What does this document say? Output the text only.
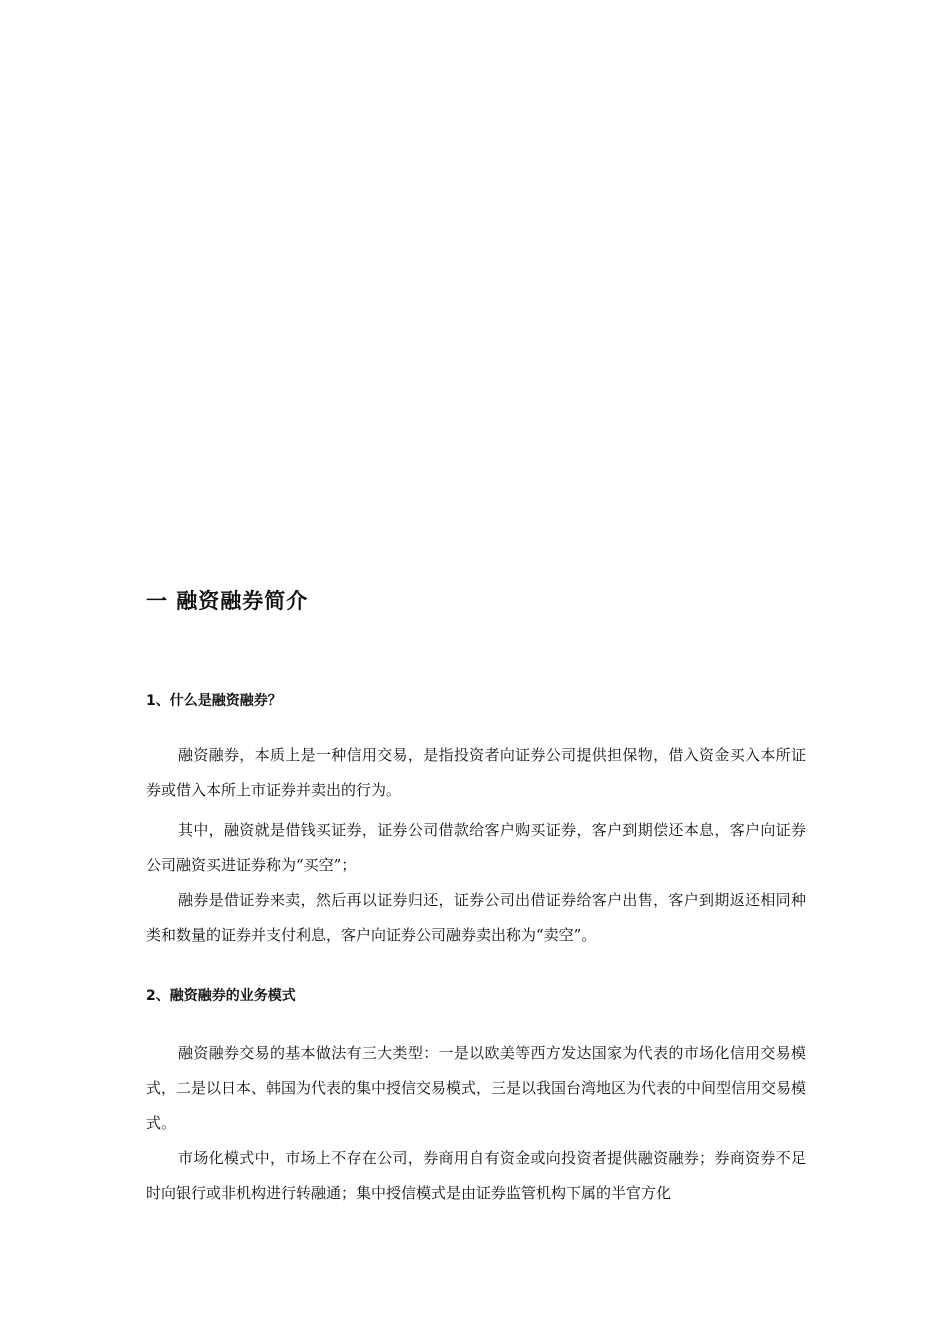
一 融资融券简介
1、什么是融资融券？

融资融券，本质上是一种信用交易，是指投资者向证券公司提供担保物，借入资金买入本所证券或借入本所上市证券并卖出的行为。

其中，融资就是借钱买证券，证券公司借款给客户购买证券，客户到期偿还本息，客户向证券公司融资买进证券称为“买空”；

融券是借证券来卖，然后再以证券归还，证券公司出借证券给客户出售，客户到期返还相同种类和数量的证券并支付利息，客户向证券公司融券卖出称为“卖空”。

2、融资融券的业务模式

融资融券交易的基本做法有三大类型：一是以欧美等西方发达国家为代表的市场化信用交易模式，二是以日本、韩国为代表的集中授信交易模式，三是以我国台湾地区为代表的中间型信用交易模式。

市场化模式中，市场上不存在公司，券商用自有资金或向投资者提供融资融券；券商资券不足时向银行或非机构进行转融通；集中授信模式是由证券监管机构下属的半官方化
